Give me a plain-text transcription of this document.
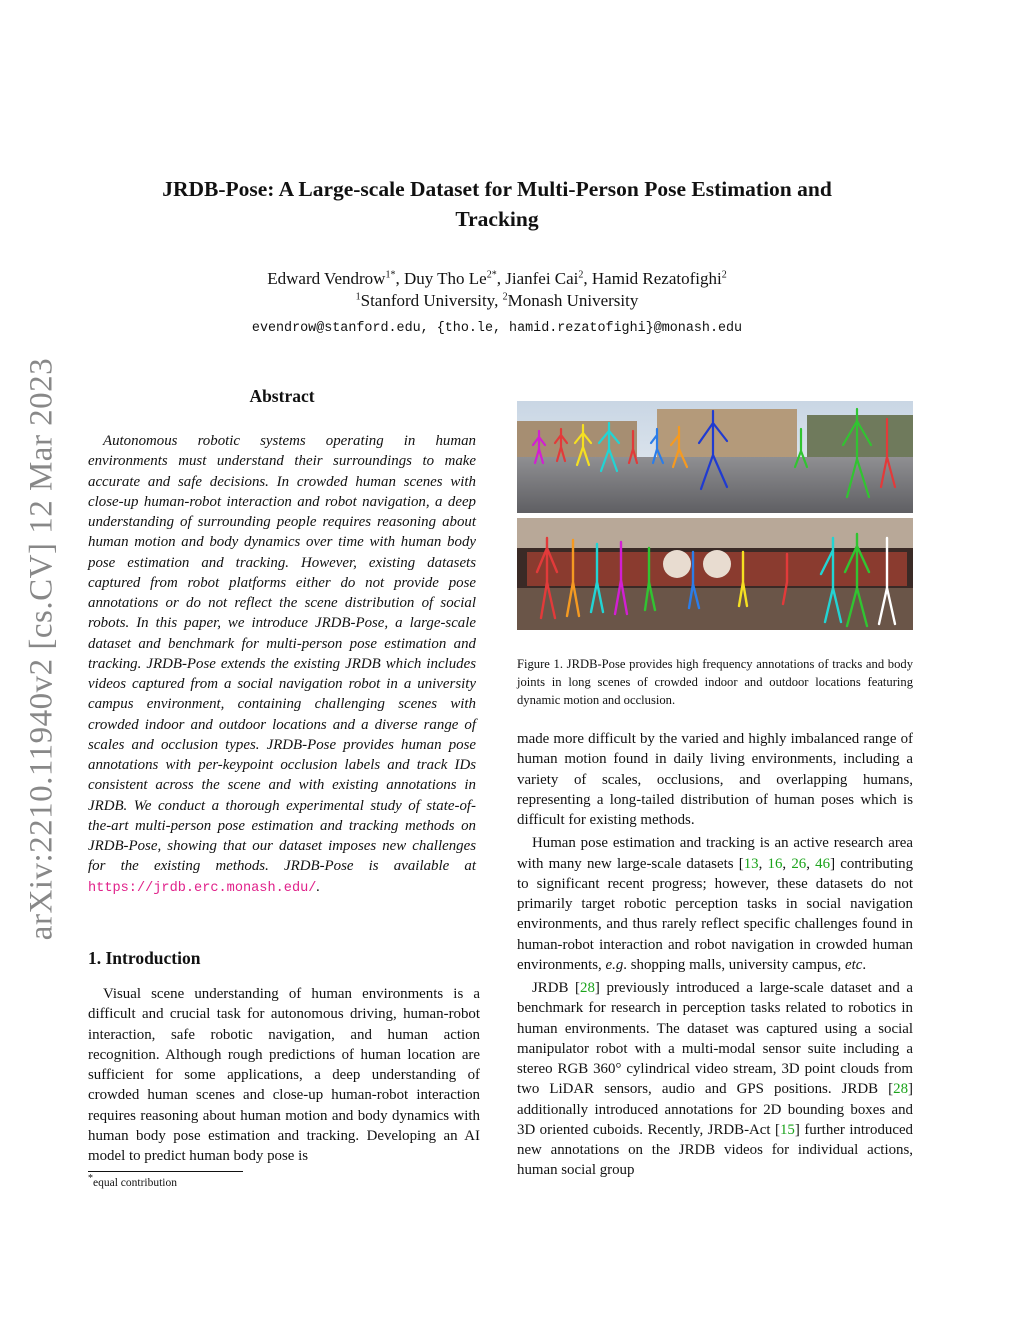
arXiv:2210.11940v2 [cs.CV] 12 Mar 2023
JRDB-Pose: A Large-scale Dataset for Multi-Person Pose Estimation and
Tracking
Edward Vendrow$^{1*}$, Duy Tho $Le^{2*}$, Jianfei Cai$^2$, Hamid Rezatofighi$^2$
$^1$Stanford University, $^2$Monash University
evendrow@stanford.edu, {tho.le, hamid.rezatofighi}@monash.edu
Abstract
Autonomous robotic systems operating in human environments must understand their surroundings to make accurate and safe decisions. In crowded human scenes with close-up human-robot interaction and robot navigation, a deep understanding of surrounding people requires reasoning about human motion and body dynamics over time with human body pose estimation and tracking. However, existing datasets captured from robot platforms either do not provide pose annotations or do not reflect the scene distribution of social robots. In this paper, we introduce JRDB-Pose, a large-scale dataset and benchmark for multi-person pose estimation and tracking. JRDB-Pose extends the existing JRDB which includes videos captured from a social navigation robot in a university campus environment, containing challenging scenes with crowded indoor and outdoor locations and a diverse range of scales and occlusion types. JRDB-Pose provides human pose annotations with per-keypoint occlusion labels and track IDs consistent across the scene and with existing annotations in JRDB. We conduct a thorough experimental study of state-of-the-art multi-person pose estimation and tracking methods on JRDB-Pose, showing that our dataset imposes new challenges for the existing methods. JRDB-Pose is available at https://jrdb.erc.monash.edu/.
1. Introduction
Visual scene understanding of human environments is a difficult and crucial task for autonomous driving, human-robot interaction, safe robotic navigation, and human action recognition. Although rough predictions of human location are sufficient for some applications, a deep understanding of crowded human scenes and close-up human-robot interaction requires reasoning about human motion and body dynamics with human body pose estimation and tracking. Developing an AI model to predict human body pose is
*equal contribution
Figure 1. JRDB-Pose provides high frequency annotations of tracks and body joints in long scenes of crowded indoor and outdoor locations featuring dynamic motion and occlusion.
made more difficult by the varied and highly imbalanced range of human motion found in daily living environments, including a variety of scales, occlusions, and overlapping humans, representing a long-tailed distribution of human poses which is difficult for existing methods.
Human pose estimation and tracking is an active research area with many new large-scale datasets [13, 16, 26, 46] contributing to significant recent progress; however, these datasets do not primarily target robotic perception tasks in social navigation environments, and thus rarely reflect specific challenges found in human-robot interaction and robot navigation in crowded human environments, e.g. shopping malls, university campus, etc.
JRDB [28] previously introduced a large-scale dataset and a benchmark for research in perception tasks related to robotics in human environments. The dataset was captured using a social manipulator robot with a multi-modal sensor suite including a stereo RGB 360° cylindrical video stream, 3D point clouds from two LiDAR sensors, audio and GPS positions. JRDB [28] additionally introduced annotations for 2D bounding boxes and 3D oriented cuboids. Recently, JRDB-Act [15] further introduced new annotations on the JRDB videos for individual actions, human social group
